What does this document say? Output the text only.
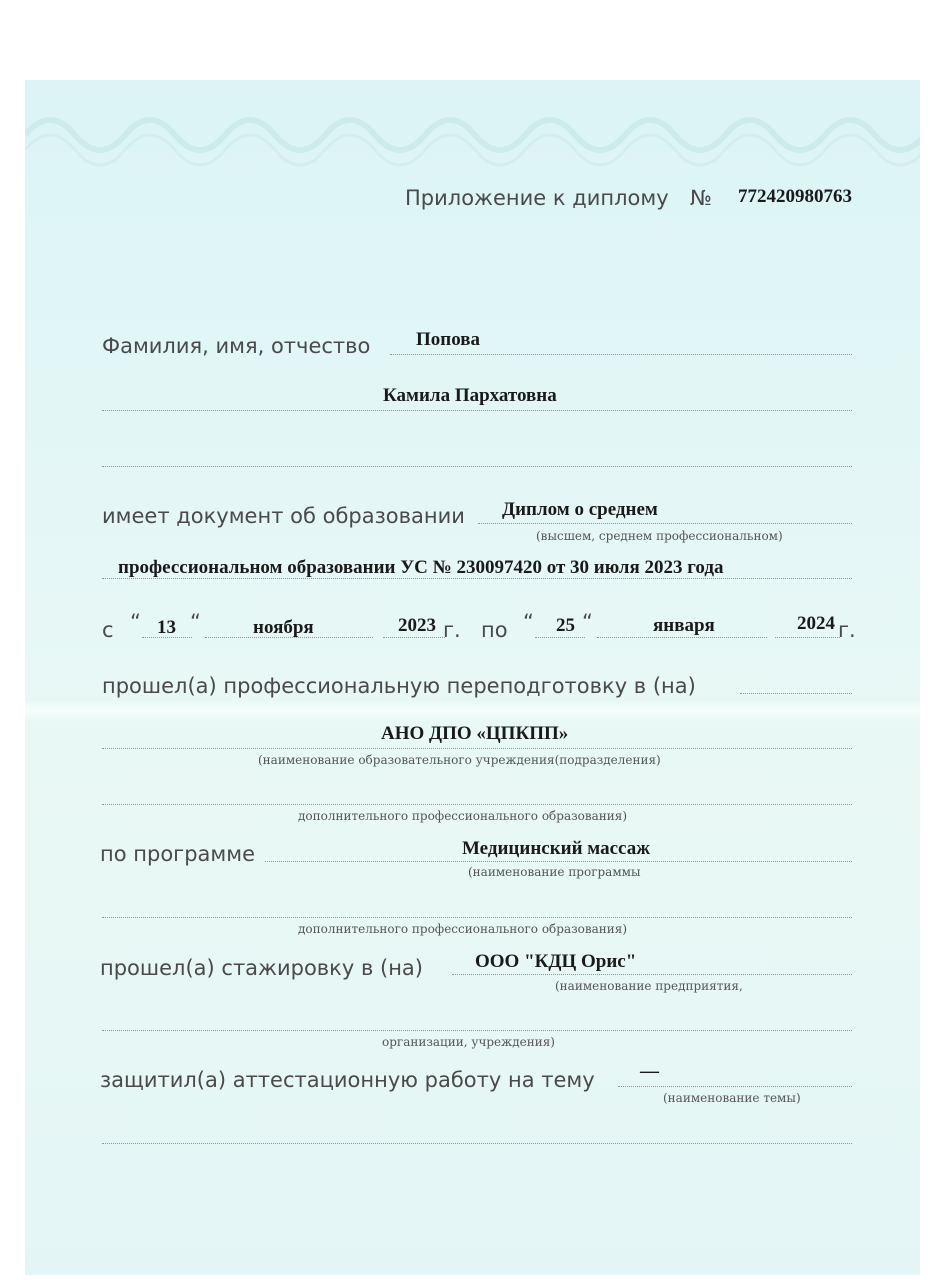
Приложение к диплому № 772420980763
Фамилия, имя, отчество Попова
Камила Пархатовна
имеет документ об образовании Диплом о среднем
(высшем, среднем профессиональном)
профессиональном образовании УС № 230097420 от 30 июля 2023 года
с “ 13 “	ноября	2023 г. по “ 25 “	января	2024 г.
прошел(а) профессиональную переподготовку в (на)
АНО ДПО «ЦПКПП»
(наименование образовательного учреждения(подразделения)
дополнительного профессионального образования)
по программе	Медицинский массаж
(наименование программы
дополнительного профессионального образования)
прошел(а) стажировку в (на)	ООО "КДЦ Орис"
(наименование предприятия,
организации, учреждения)
защитил(а) аттестационную работу на тему —
(наименование темы)
